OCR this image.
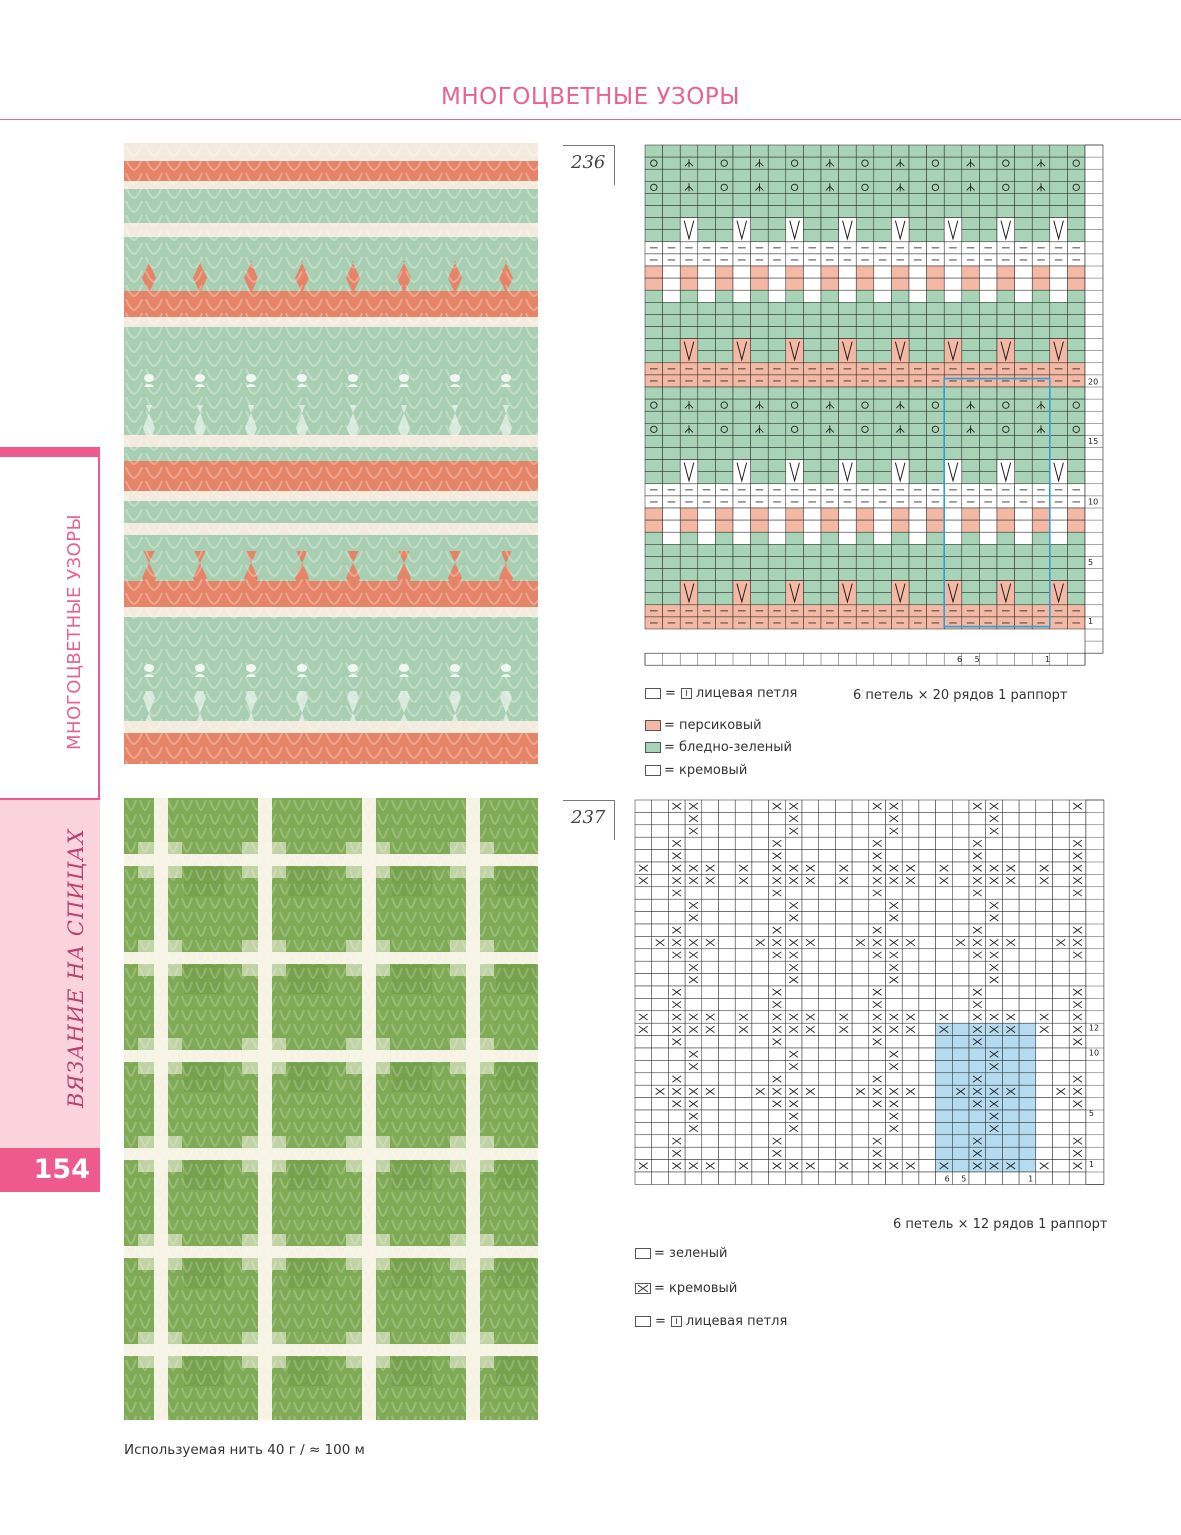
МНОГОЦВЕТНЫЕ УЗОРЫ
МНОГОЦВЕТНЫЕ УЗОРЫ
ВЯЗАНИЕ НА СПИЦАХ
154
236
237
20
15
10
5
1
6 5	1
12
10
5
1
6 5	1
=	I лицевая петля	6 петель × 20 рядов 1 раппорт
= персиковый
= бледно-зеленый
= кремовый
6 петель × 12 рядов 1 раппорт
= зеленый
= кремовый
=	I лицевая петля
Используемая нить 40 г / ≈ 100 м
